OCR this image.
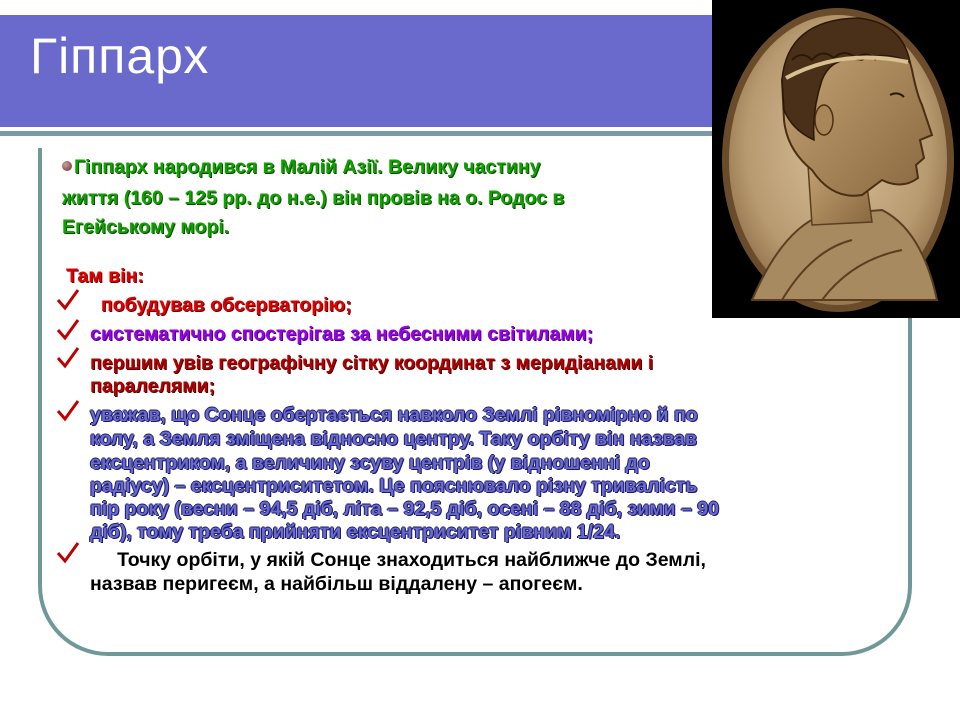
Гіппарх
Гіппарх народився в Малій Азії. Велику частину
життя (160 – 125 рр. до н.е.) він провів на о. Родос в
Егейському морі.
Там він:
побудував обсерваторію;
систематично спостерігав за небесними світилами;
першим увів географічну сітку координат з меридіанами і
паралелями;
уважав, що Сонце обертається навколо Землі рівномірно й по
колу, а Земля зміщена відносно центру. Таку орбіту він назвав
ексцентриком, а величину зсуву центрів (у відношенні до
радіусу) – ексцентриситетом. Це пояснювало різну тривалість
пір року (весни – 94,5 діб, літа – 92,5 діб, осені – 88 діб, зими – 90
діб), тому треба прийняти ексцентриситет рівним 1/24.
Точку орбіти, у якій Сонце знаходиться найближче до Землі,
назвав перигеєм, а найбільш віддалену – апогеєм.
